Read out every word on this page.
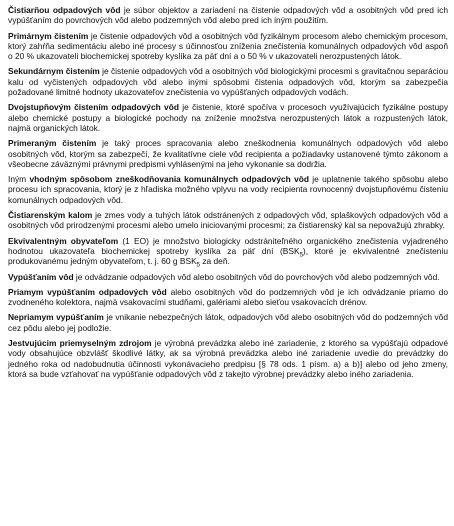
Čistiarňou odpadových vôd je súbor objektov a zariadení na čistenie odpadových vôd a osobitných vôd pred ich vypúšťaním do povrchových vôd alebo podzemných vôd alebo pred ich iným použitím.

Primárnym čistením je čistenie odpadových vôd a osobitných vôd fyzikálnym procesom alebo chemickým procesom, ktorý zahŕňa sedimentáciu alebo iné procesy s účinnosťou zníženia znečistenia komunálnych odpadových vôd aspoň o 20 % ukazovateli biochemickej spotreby kyslíka za päť dní a o 50 % v ukazovateli nerozpustených látok.

Sekundárnym čistením je čistenie odpadových vôd a osobitných vôd biologickými procesmi s gravitačnou separáciou kalu od vyčistených odpadových vôd alebo inými spôsobmi čistenia odpadových vôd, ktorým sa zabezpečia požadované limitné hodnoty ukazovateľov znečistenia vo vypúšťaných odpadových vodách.

Dvojstupňovým čistením odpadových vôd je čistenie, ktoré spočíva v procesoch využívajúcich fyzikálne postupy alebo chemické postupy a biologické pochody na zníženie množstva nerozpustených látok a rozpustených látok, najmä organických látok.

Primeraným čistením je taký proces spracovania alebo zneškodnenia komunálnych odpadových vôd alebo osobitných vôd, ktorým sa zabezpečí, že kvalitatívne ciele vôd recipienta a požiadavky ustanovené týmto zákonom a všeobecne záväznými právnymi predpismi vyhlásenými na jeho vykonanie sa dodržia.

Iným vhodným spôsobom zneškodňovania komunálnych odpadových vôd je uplatnenie takého spôsobu alebo procesu ich spracovania, ktorý je z hľadiska možného vplyvu na vody recipienta rovnocenný dvojstupňovému čisteniu komunálnych odpadových vôd.

Čistiarenským kalom je zmes vody a tuhých látok odstránených z odpadových vôd, splaškových odpadových vôd a osobitných vôd prirodzenými procesmi alebo umelo iniciovanými procesmi; za čistiarenský kal sa nepovažujú zhrabky.

Ekvivalentným obyvateľom (1 EO) je množstvo biologicky odstrániteľného organického znečistenia vyjadreného hodnotou ukazovateľa biochemickej spotreby kyslíka za päť dní $(BSK_5)$, ktoré je ekvivalentné znečisteniu produkovanému jedným obyvateľom, t. j. 60 g $BSK_5$ za deň.

Vypúšťaním vôd je odvádzanie odpadových vôd alebo osobitných vôd do povrchových vôd alebo podzemných vôd.

Priamym vypúšťaním odpadových vôd alebo osobitných vôd do podzemných vôd je ich odvádzanie priamo do zvodneného kolektora, najmä vsakovacími studňami, galériami alebo sieťou vsakovacích drénov.

Nepriamym vypúšťaním je vnikanie nebezpečných látok, odpadových vôd alebo osobitných vôd do podzemných vôd cez pôdu alebo jej podložie.

Jestvujúcim priemyselným zdrojom je výrobná prevádzka alebo iné zariadenie, z ktorého sa vypúšťajú odpadové vody obsahujúce obzvlášť škodlivé látky, ak sa výrobná prevádzka alebo iné zariadenie uvedie do prevádzky do jedného roka od nadobudnutia účinnosti vykonávacieho predpisu [§ 78 ods. 1 písm. a) a b)] alebo od jeho zmeny, ktorá sa bude vzťahovať na vypúšťanie odpadových vôd z takejto výrobnej prevádzky alebo iného zariadenia.
